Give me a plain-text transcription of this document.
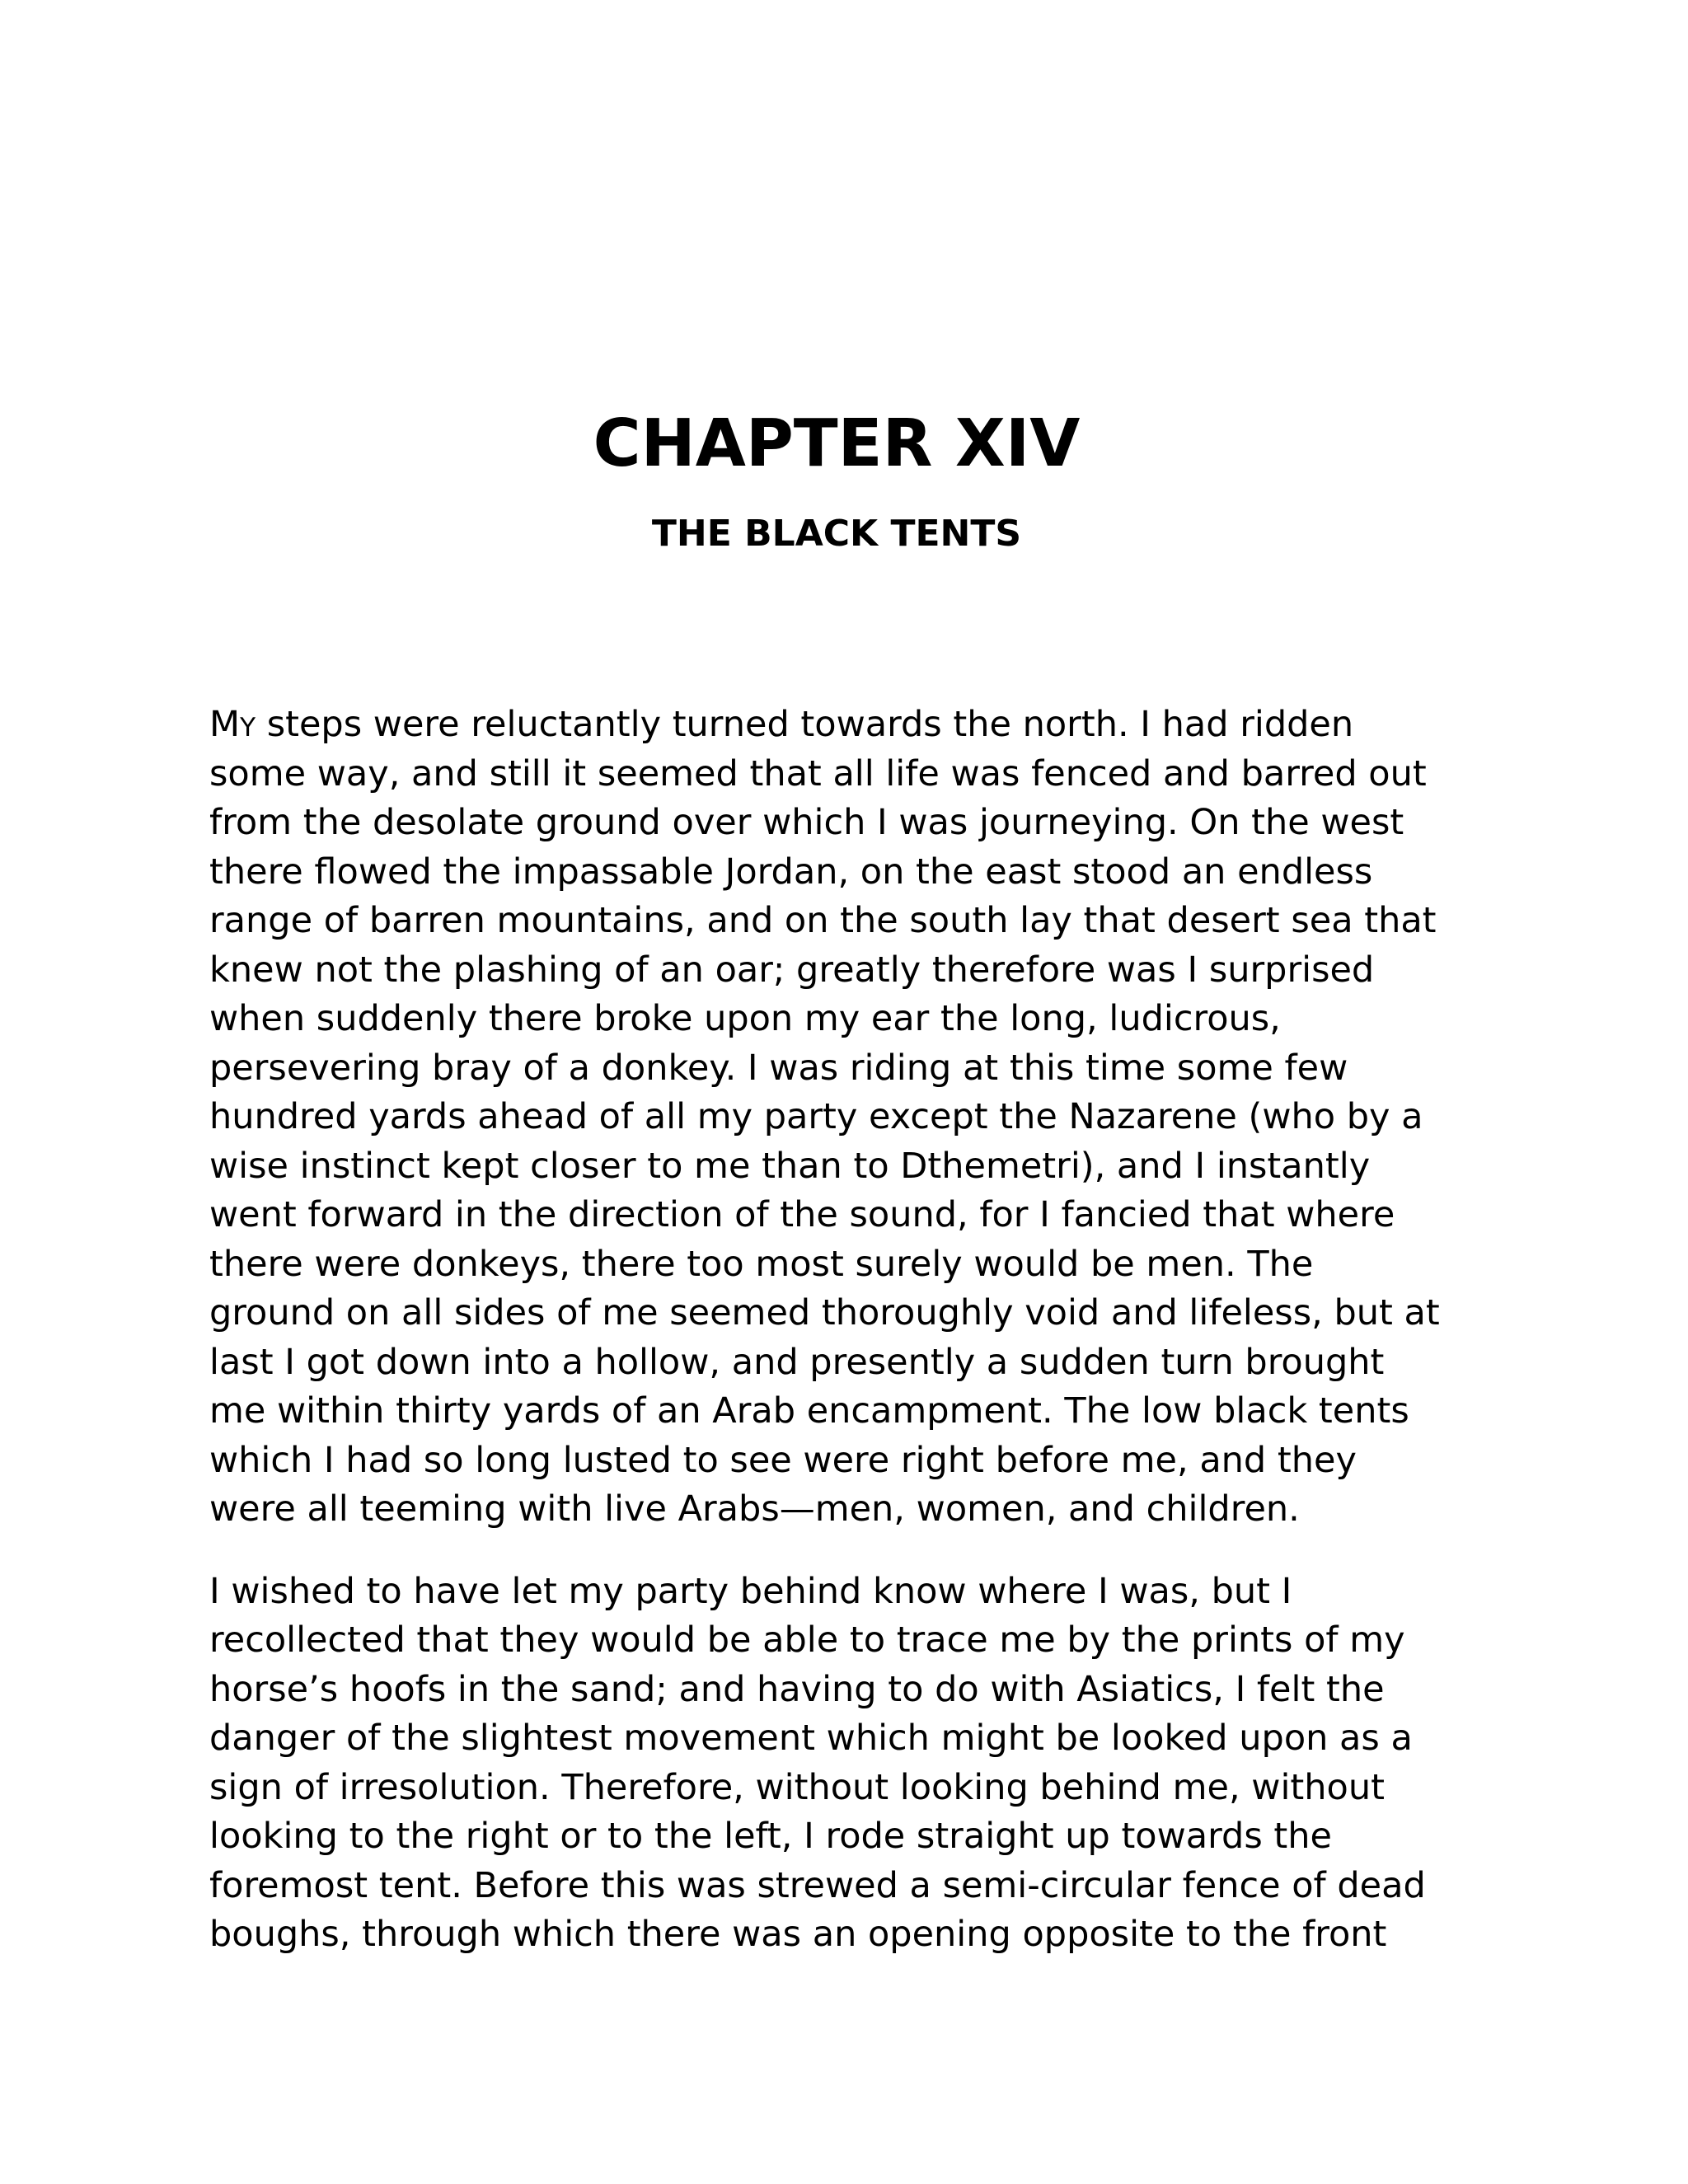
CHAPTER XIV
THE BLACK TENTS
MY steps were reluctantly turned towards the north. I had ridden
some way, and still it seemed that all life was fenced and barred out
from the desolate ground over which I was journeying. On the west
there flowed the impassable Jordan, on the east stood an endless
range of barren mountains, and on the south lay that desert sea that
knew not the plashing of an oar; greatly therefore was I surprised
when suddenly there broke upon my ear the long, ludicrous,
persevering bray of a donkey. I was riding at this time some few
hundred yards ahead of all my party except the Nazarene (who by a
wise instinct kept closer to me than to Dthemetri), and I instantly
went forward in the direction of the sound, for I fancied that where
there were donkeys, there too most surely would be men. The
ground on all sides of me seemed thoroughly void and lifeless, but at
last I got down into a hollow, and presently a sudden turn brought
me within thirty yards of an Arab encampment. The low black tents
which I had so long lusted to see were right before me, and they
were all teeming with live Arabs—men, women, and children.
I wished to have let my party behind know where I was, but I
recollected that they would be able to trace me by the prints of my
horse’s hoofs in the sand; and having to do with Asiatics, I felt the
danger of the slightest movement which might be looked upon as a
sign of irresolution. Therefore, without looking behind me, without
looking to the right or to the left, I rode straight up towards the
foremost tent. Before this was strewed a semi-circular fence of dead
boughs, through which there was an opening opposite to the front
